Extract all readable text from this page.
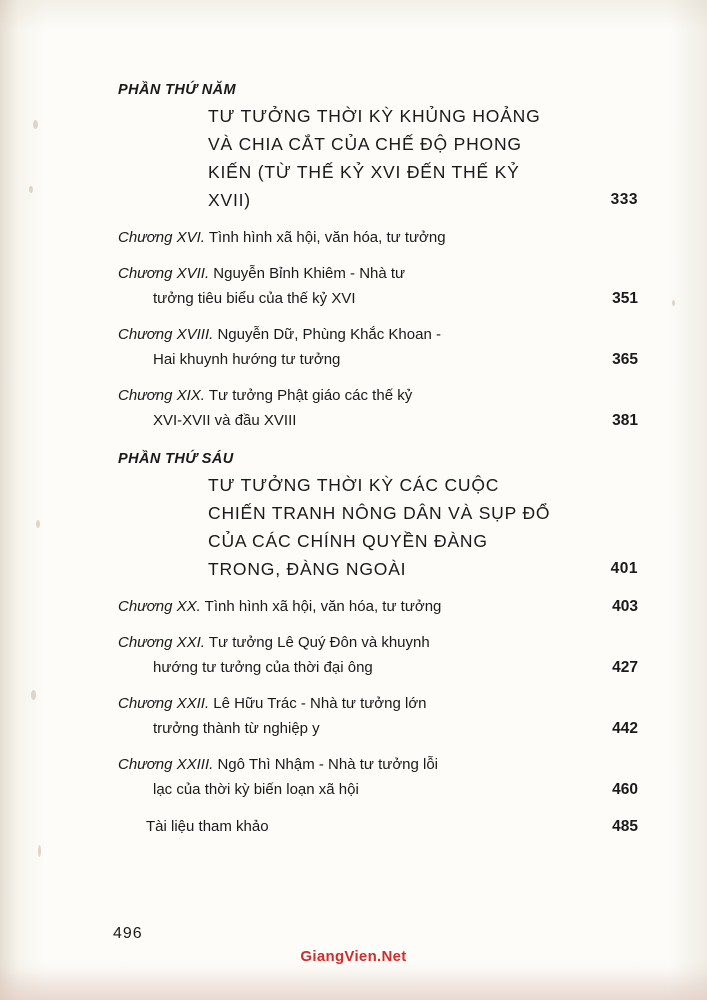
PHẦN THỨ NĂM
TƯ TƯỞNG THỜI KỲ KHỦNG HOẢNG
VÀ CHIA CẮT CỦA CHẾ ĐỘ PHONG
KIẾN (TỪ THẾ KỶ XVI ĐẾN THẾ KỶ
XVII)	333
Chương XVI. Tình hình xã hội, văn hóa, tư tưởng
Chương XVII. Nguyễn Bỉnh Khiêm - Nhà tư
tưởng tiêu biểu của thế kỷ XVI	351
Chương XVIII. Nguyễn Dữ, Phùng Khắc Khoan -
Hai khuynh hướng tư tưởng	365
Chương XIX. Tư tưởng Phật giáo các thế kỷ
XVI-XVII và đầu XVIII	381
PHẦN THỨ SÁU
TƯ TƯỞNG THỜI KỲ CÁC CUỘC
CHIẾN TRANH NÔNG DÂN VÀ SỤP ĐỔ
CỦA CÁC CHÍNH QUYỀN ĐÀNG
TRONG, ĐÀNG NGOÀI	401
Chương XX. Tình hình xã hội, văn hóa, tư tưởng	403
Chương XXI. Tư tưởng Lê Quý Đôn và khuynh
hướng tư tưởng của thời đại ông	427
Chương XXII. Lê Hữu Trác - Nhà tư tưởng lớn
trưởng thành từ nghiệp y	442
Chương XXIII. Ngô Thì Nhậm - Nhà tư tưởng lỗi
lạc của thời kỳ biến loạn xã hội	460
Tài liệu tham khảo	485
496
GiangVien.Net
